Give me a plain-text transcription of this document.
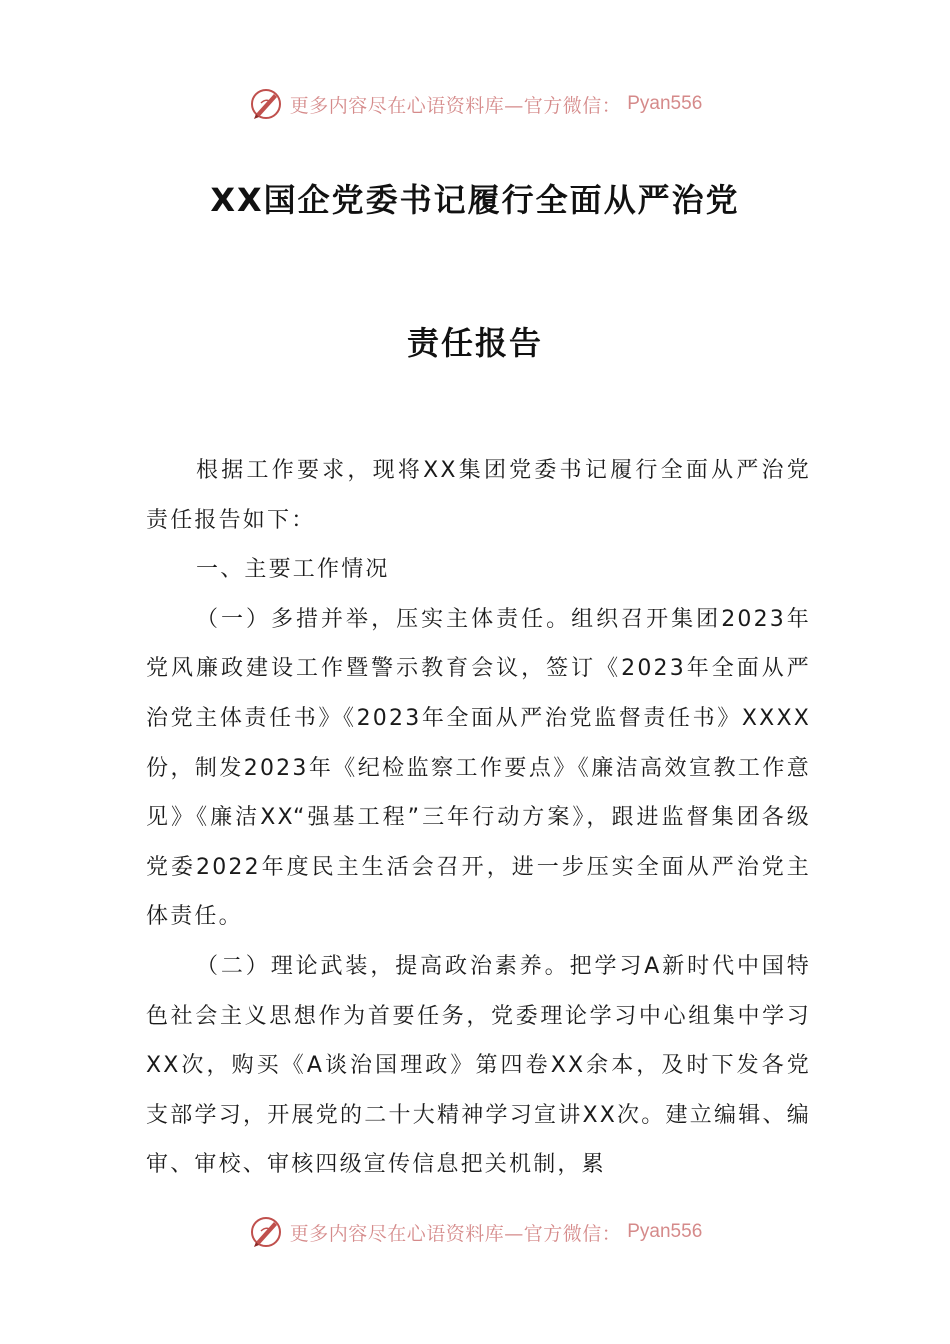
更多内容尽在心语资料库—官方微信： Pyan556
XX国企党委书记履行全面从严治党
责任报告

根据工作要求，现将XX集团党委书记履行全面从严治党责任报告如下：

一、主要工作情况

（一）多措并举，压实主体责任。组织召开集团2023年党风廉政建设工作暨警示教育会议，签订《2023年全面从严治党主体责任书》《2023年全面从严治党监督责任书》XXXX份，制发2023年《纪检监察工作要点》《廉洁高效宣教工作意见》《廉洁XX“强基工程”三年行动方案》，跟进监督集团各级党委2022年度民主生活会召开，进一步压实全面从严治党主体责任。

（二）理论武装，提高政治素养。把学习A新时代中国特色社会主义思想作为首要任务，党委理论学习中心组集中学习XX次，购买《A谈治国理政》第四卷XX余本，及时下发各党支部学习，开展党的二十大精神学习宣讲XX次。建立编辑、编审、审校、审核四级宣传信息把关机制，累

更多内容尽在心语资料库—官方微信： Pyan556
